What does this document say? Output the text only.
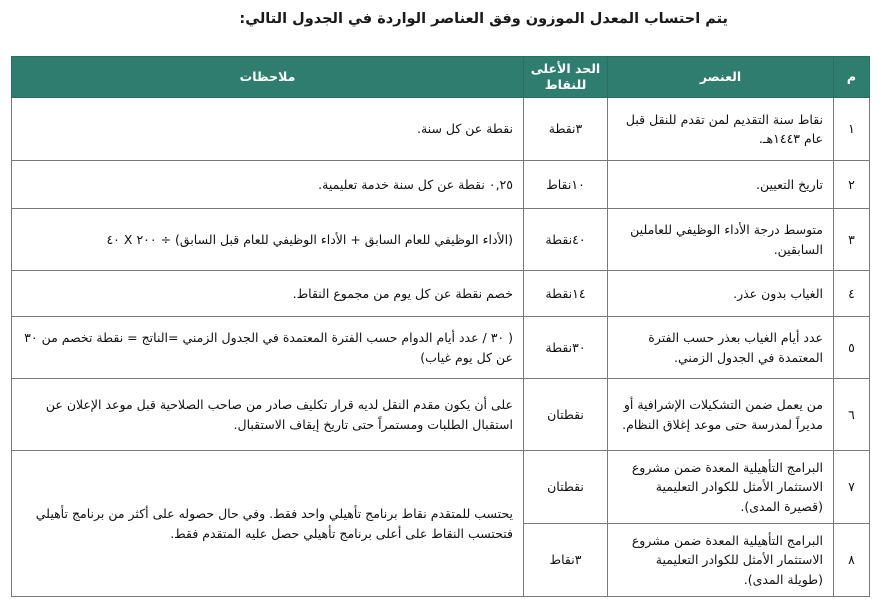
يتم احتساب المعدل الموزون وفق العناصر الواردة في الجدول التالي:
م	العنصر	الحد الأعلى للنقاط	ملاحظات
١	نقاط سنة التقديم لمن تقدم للنقل قبل عام ١٤٤٣هـ.	٣نقطة	نقطة عن كل سنة.
٢	تاريخ التعيين.	١٠نقاط	٠,٢٥ نقطة عن كل سنة خدمة تعليمية.
٣	متوسط درجة الأداء الوظيفي للعاملين السابقين.	٤٠نقطة	(الأداء الوظيفي للعام السابق + الأداء الوظيفي للعام قبل السابق) ÷ ٢٠٠ X ٤٠
٤	الغياب بدون عذر.	١٤نقطة	خصم نقطة عن كل يوم من مجموع النقاط.
٥	عدد أيام الغياب بعذر حسب الفترة المعتمدة في الجدول الزمني.	٣٠نقطة	( ٣٠ / عدد أيام الدوام حسب الفترة المعتمدة في الجدول الزمني =الناتج = نقطة تخصم من ٣٠ عن كل يوم غياب)
٦	من يعمل ضمن التشكيلات الإشرافية أو مديراً لمدرسة حتى موعد إغلاق النظام.	نقطتان	على أن يكون مقدم النقل لديه قرار تكليف صادر من صاحب الصلاحية قبل موعد الإعلان عن استقبال الطلبات ومستمراً حتى تاريخ إيقاف الاستقبال.
٧	البرامج التأهيلية المعدة ضمن مشروع الاستثمار الأمثل للكوادر التعليمية (قصيرة المدى).	نقطتان	يحتسب للمتقدم نقاط برنامج تأهيلي واحد فقط. وفي حال حصوله على أكثر من برنامج تأهيلي فتحتسب النقاط على أعلى برنامج تأهيلي حصل عليه المتقدم فقط.
٨	البرامج التأهيلية المعدة ضمن مشروع الاستثمار الأمثل للكوادر التعليمية (طويلة المدى).	٣نقاط	
